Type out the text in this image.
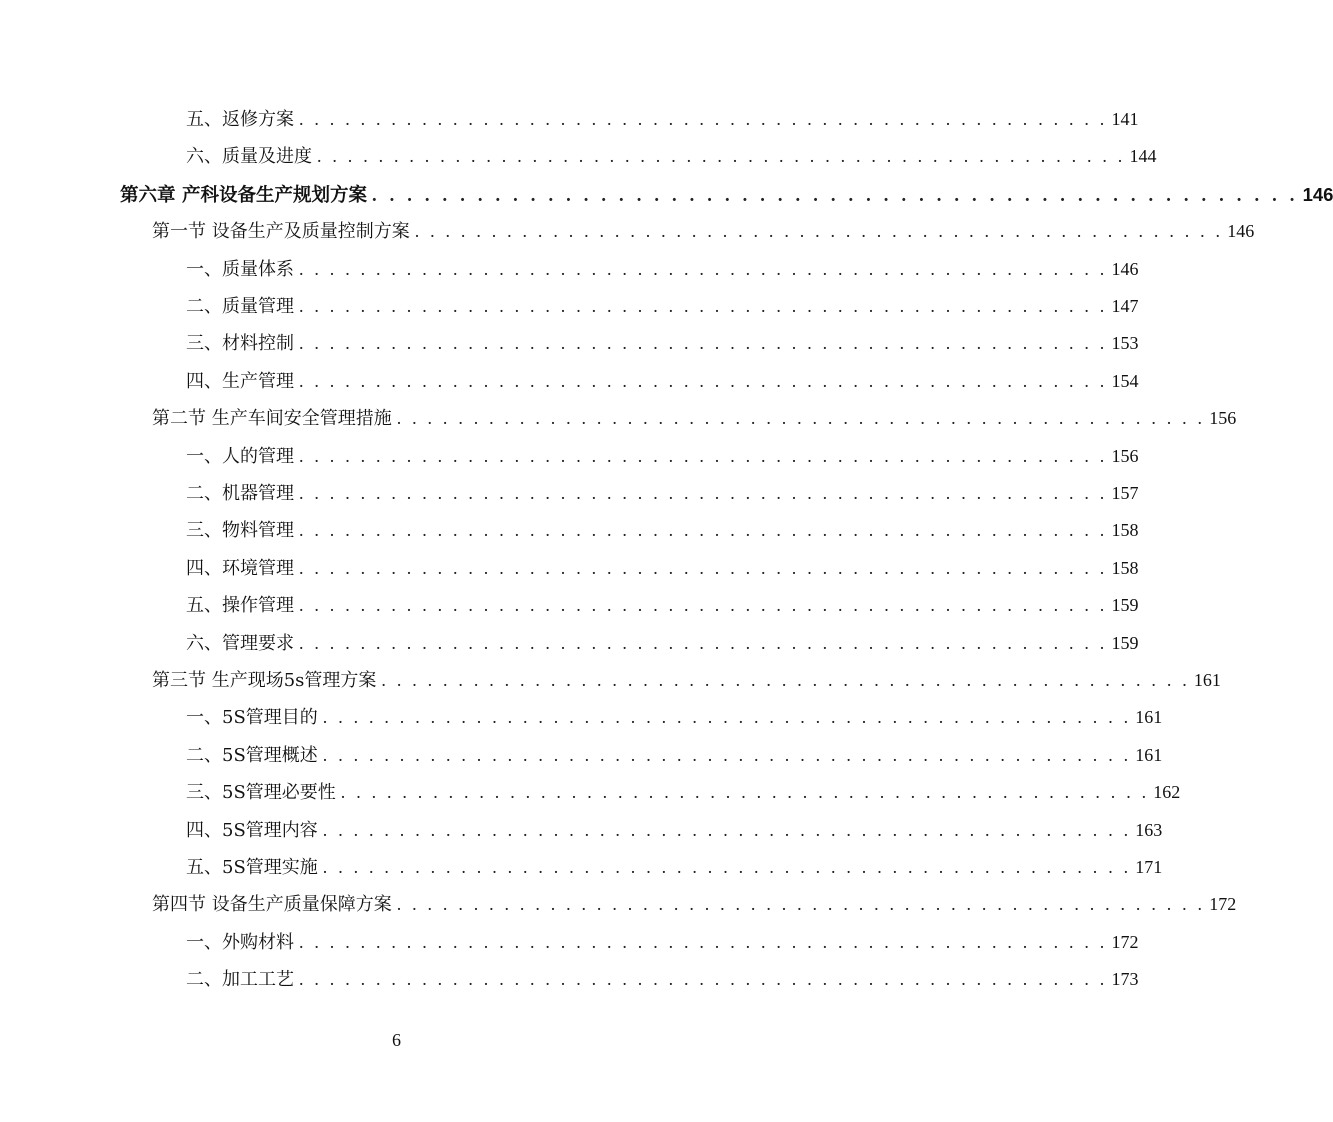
五、返修方案 . . . . . . . . . . . . . . . . . . . . . . . . . . . . . . . . . . . . . . . . . . . . . . . . . . . . . 141
六、质量及进度 . . . . . . . . . . . . . . . . . . . . . . . . . . . . . . . . . . . . . . . . . . . . . . . . . . . . . 144
第六章 产科设备生产规划方案 . . . . . . . . . . . . . . . . . . . . . . . . . . . . . . . . . . . . . . . . . . . . . . . . . . . . . 146
第一节 设备生产及质量控制方案 . . . . . . . . . . . . . . . . . . . . . . . . . . . . . . . . . . . . . . . . . . . . . . . . . . . . . 146
一、质量体系 . . . . . . . . . . . . . . . . . . . . . . . . . . . . . . . . . . . . . . . . . . . . . . . . . . . . . 146
二、质量管理 . . . . . . . . . . . . . . . . . . . . . . . . . . . . . . . . . . . . . . . . . . . . . . . . . . . . . 147
三、材料控制 . . . . . . . . . . . . . . . . . . . . . . . . . . . . . . . . . . . . . . . . . . . . . . . . . . . . . 153
四、生产管理 . . . . . . . . . . . . . . . . . . . . . . . . . . . . . . . . . . . . . . . . . . . . . . . . . . . . . 154
第二节 生产车间安全管理措施 . . . . . . . . . . . . . . . . . . . . . . . . . . . . . . . . . . . . . . . . . . . . . . . . . . . . . 156
一、人的管理 . . . . . . . . . . . . . . . . . . . . . . . . . . . . . . . . . . . . . . . . . . . . . . . . . . . . . 156
二、机器管理 . . . . . . . . . . . . . . . . . . . . . . . . . . . . . . . . . . . . . . . . . . . . . . . . . . . . . 157
三、物料管理 . . . . . . . . . . . . . . . . . . . . . . . . . . . . . . . . . . . . . . . . . . . . . . . . . . . . . 158
四、环境管理 . . . . . . . . . . . . . . . . . . . . . . . . . . . . . . . . . . . . . . . . . . . . . . . . . . . . . 158
五、操作管理 . . . . . . . . . . . . . . . . . . . . . . . . . . . . . . . . . . . . . . . . . . . . . . . . . . . . . 159
六、管理要求 . . . . . . . . . . . . . . . . . . . . . . . . . . . . . . . . . . . . . . . . . . . . . . . . . . . . . 159
第三节 生产现场5s管理方案 . . . . . . . . . . . . . . . . . . . . . . . . . . . . . . . . . . . . . . . . . . . . . . . . . . . . . 161
一、5S管理目的 . . . . . . . . . . . . . . . . . . . . . . . . . . . . . . . . . . . . . . . . . . . . . . . . . . . . . 161
二、5S管理概述 . . . . . . . . . . . . . . . . . . . . . . . . . . . . . . . . . . . . . . . . . . . . . . . . . . . . . 161
三、5S管理必要性 . . . . . . . . . . . . . . . . . . . . . . . . . . . . . . . . . . . . . . . . . . . . . . . . . . . . . 162
四、5S管理内容 . . . . . . . . . . . . . . . . . . . . . . . . . . . . . . . . . . . . . . . . . . . . . . . . . . . . . 163
五、5S管理实施 . . . . . . . . . . . . . . . . . . . . . . . . . . . . . . . . . . . . . . . . . . . . . . . . . . . . . 171
第四节 设备生产质量保障方案 . . . . . . . . . . . . . . . . . . . . . . . . . . . . . . . . . . . . . . . . . . . . . . . . . . . . . 172
一、外购材料 . . . . . . . . . . . . . . . . . . . . . . . . . . . . . . . . . . . . . . . . . . . . . . . . . . . . . 172
二、加工工艺 . . . . . . . . . . . . . . . . . . . . . . . . . . . . . . . . . . . . . . . . . . . . . . . . . . . . . 173
6
